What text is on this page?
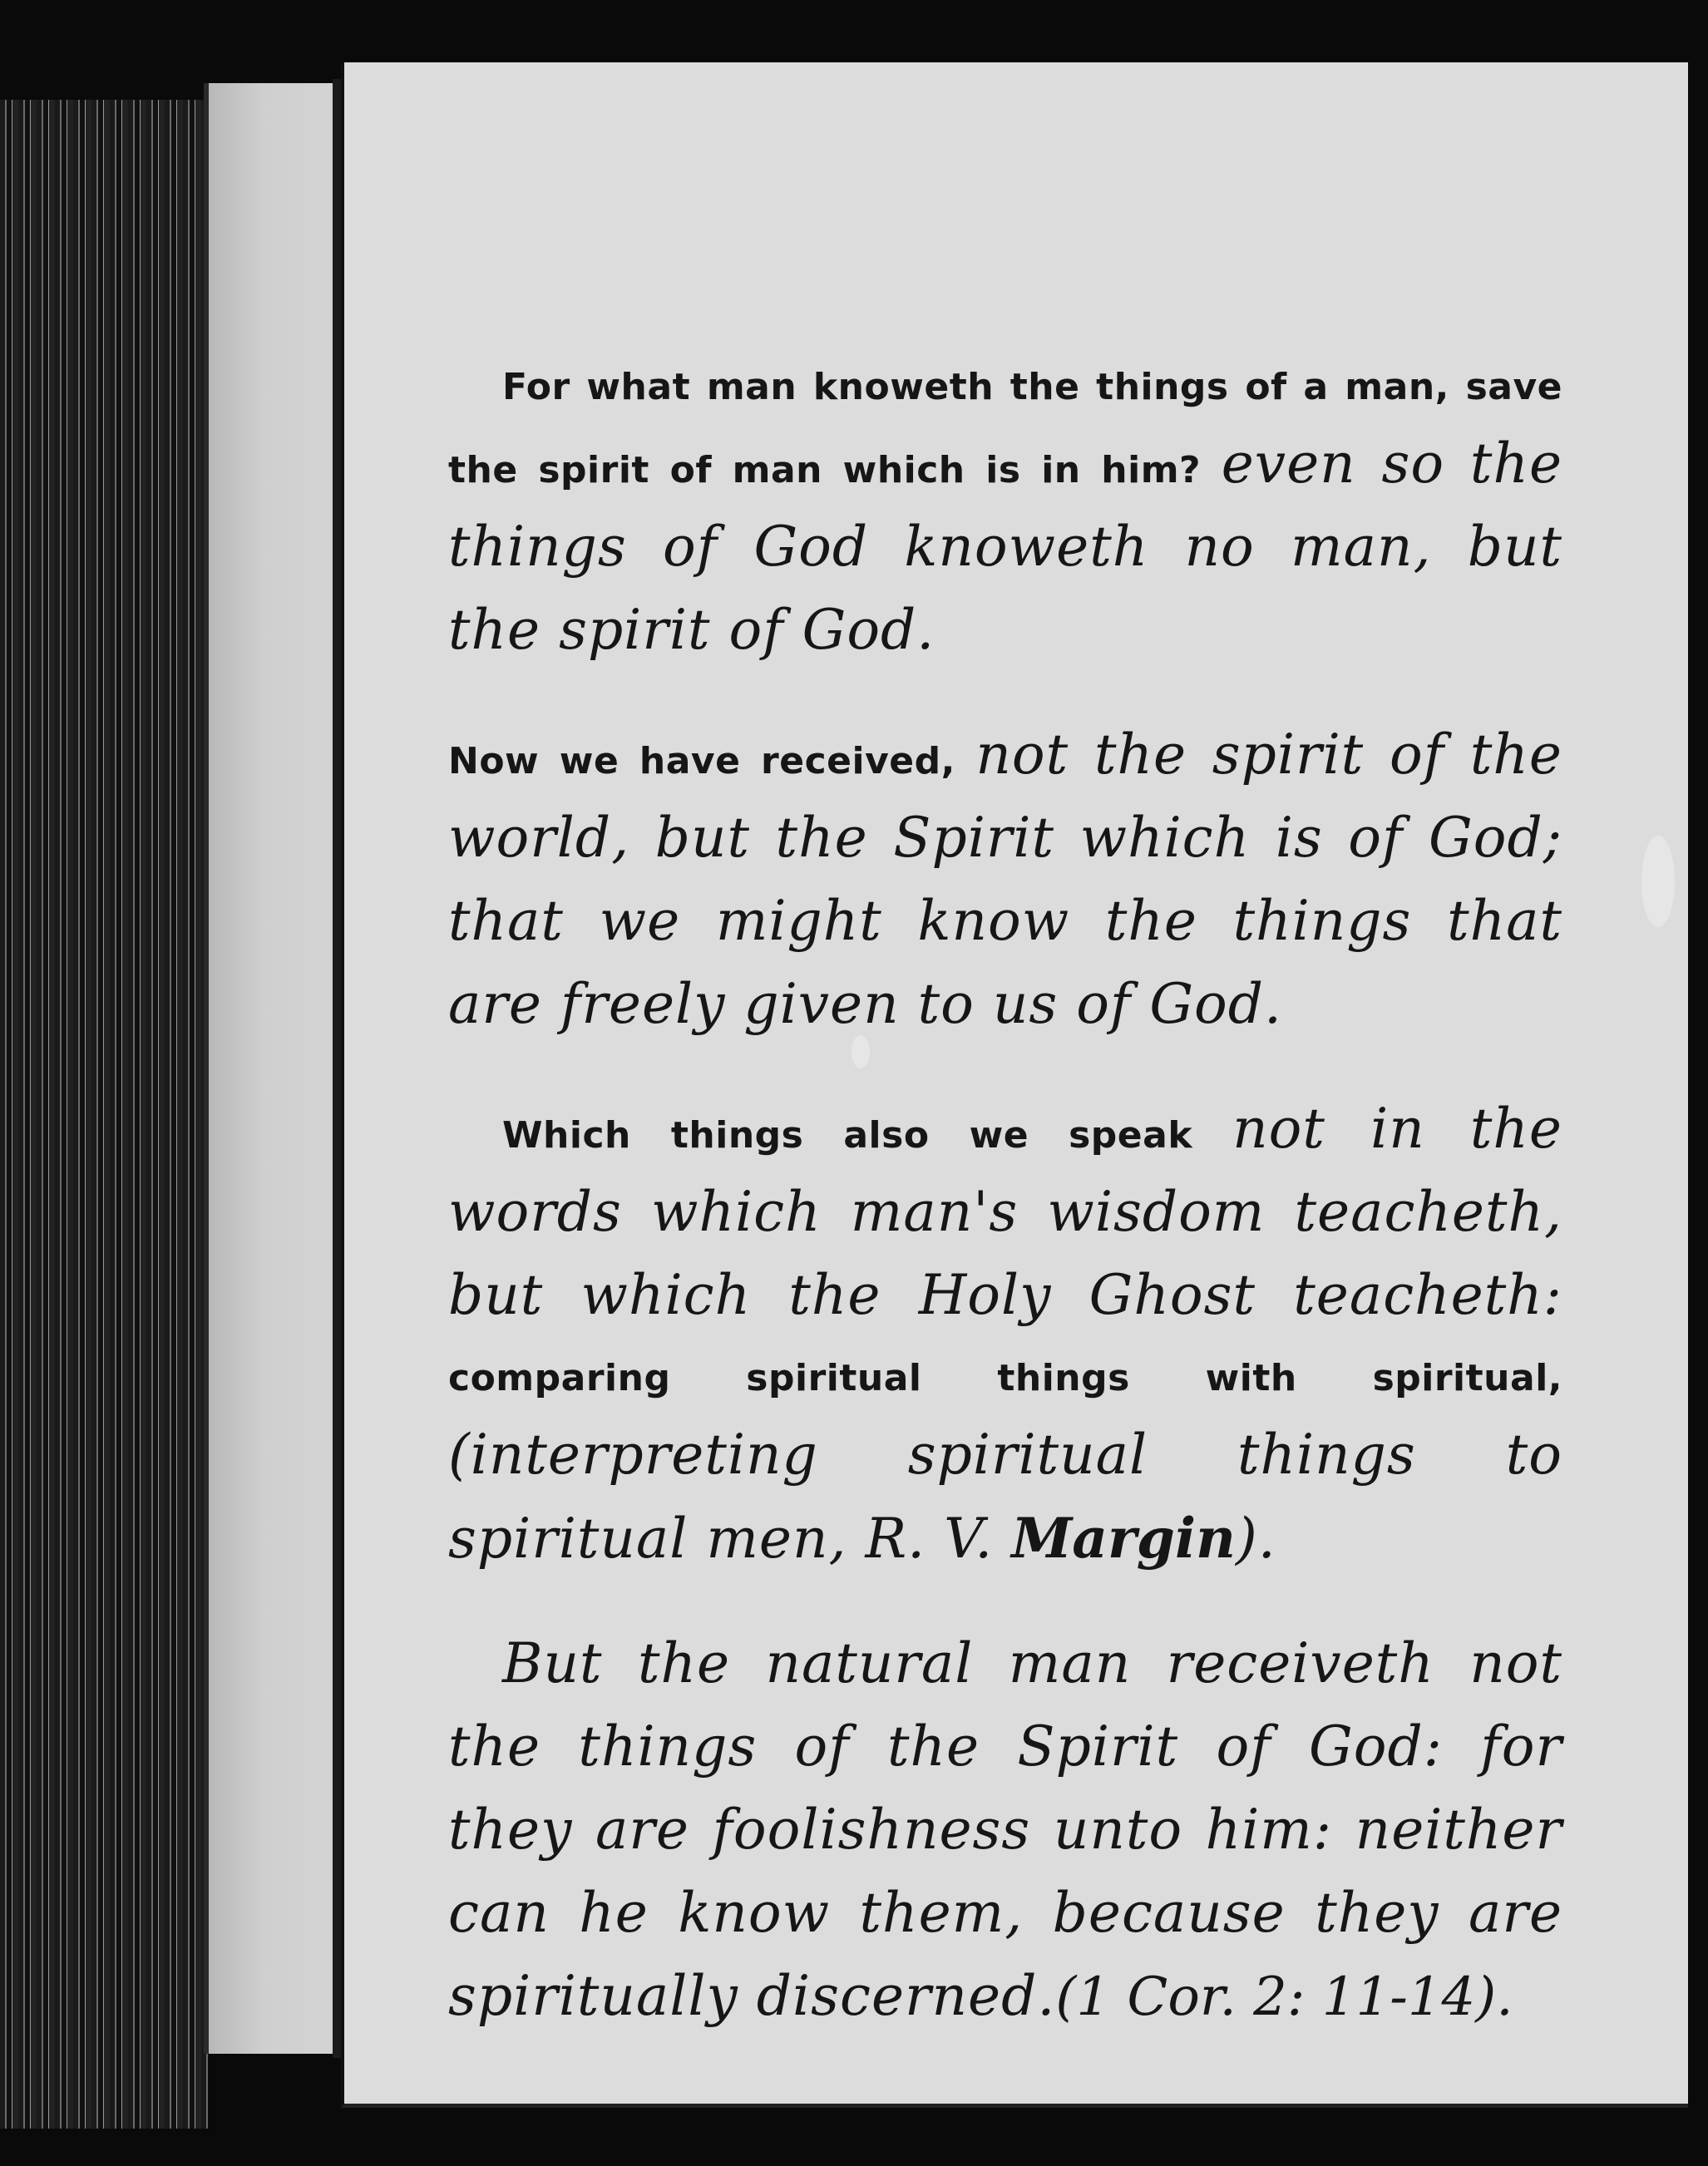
For what man knoweth the things of a man, save the spirit of man which is in him? even so the things of God knoweth no man, but the spirit of God.

Now we have received, not the spirit of the world, but the Spirit which is of God; that we might know the things that are freely given to us of God.

Which things also we speak not in the words which man's wisdom teacheth, but which the Holy Ghost teacheth: comparing spiritual things with spiritual, (interpreting spiritual things to spiritual men, R. V. Margin).

But the natural man receiveth not the things of the Spirit of God: for they are foolishness unto him: neither can he know them, because they are spiritually discerned.(1 Cor. 2: 11-14).
